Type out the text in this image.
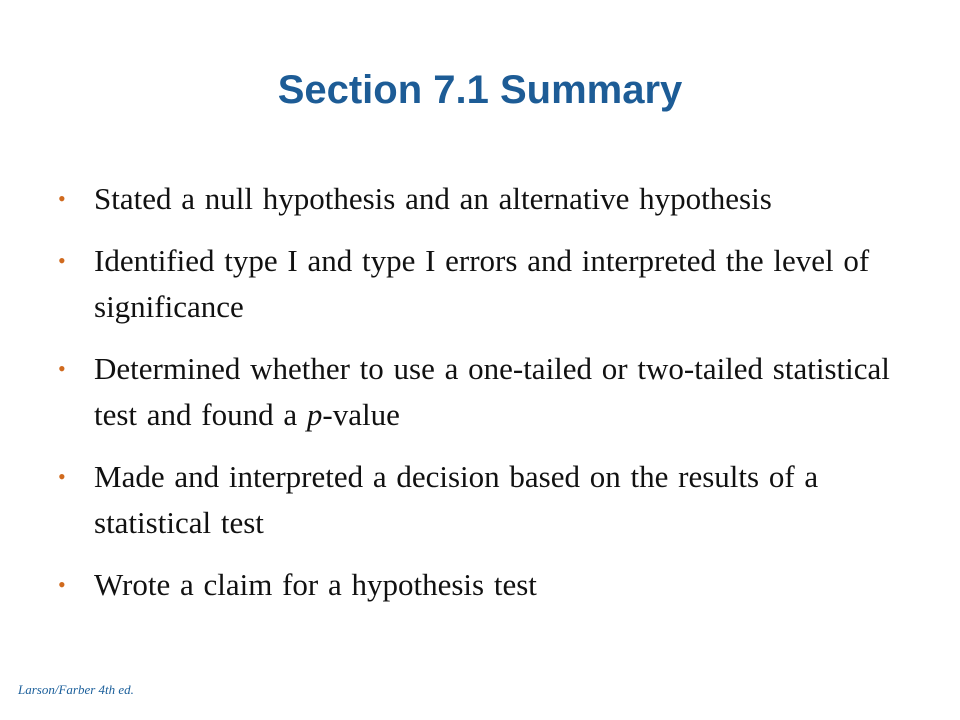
Section 7.1 Summary
• Stated a null hypothesis and an alternative hypothesis
• Identified type I and type I errors and interpreted the level of significance
• Determined whether to use a one-tailed or two-tailed statistical test and found a p-value
• Made and interpreted a decision based on the results of a statistical test
• Wrote a claim for a hypothesis test
Larson/Farber 4th ed.
